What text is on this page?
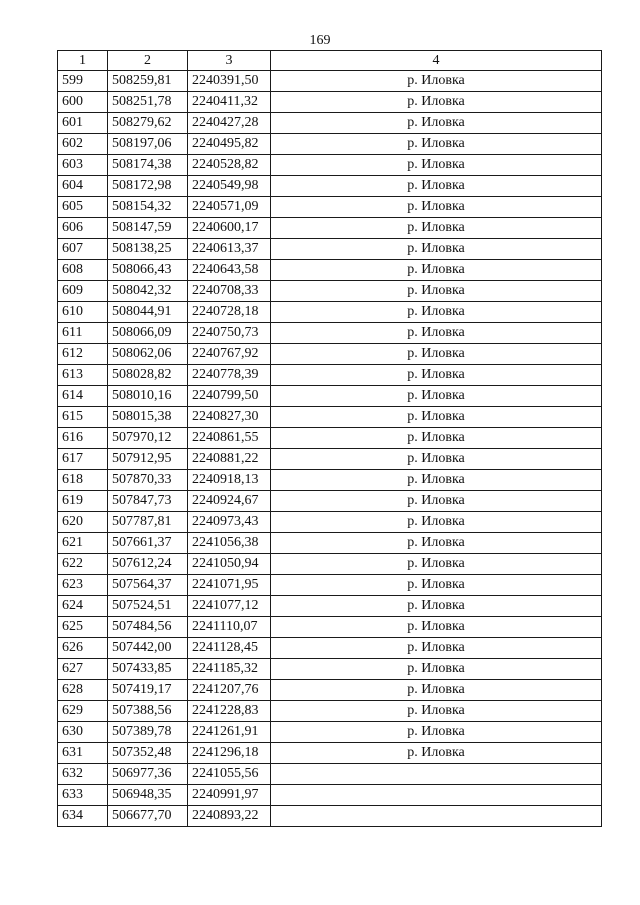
169
1	2	3	4
599	508259,81	2240391,50	р. Иловка
600	508251,78	2240411,32	р. Иловка
601	508279,62	2240427,28	р. Иловка
602	508197,06	2240495,82	р. Иловка
603	508174,38	2240528,82	р. Иловка
604	508172,98	2240549,98	р. Иловка
605	508154,32	2240571,09	р. Иловка
606	508147,59	2240600,17	р. Иловка
607	508138,25	2240613,37	р. Иловка
608	508066,43	2240643,58	р. Иловка
609	508042,32	2240708,33	р. Иловка
610	508044,91	2240728,18	р. Иловка
611	508066,09	2240750,73	р. Иловка
612	508062,06	2240767,92	р. Иловка
613	508028,82	2240778,39	р. Иловка
614	508010,16	2240799,50	р. Иловка
615	508015,38	2240827,30	р. Иловка
616	507970,12	2240861,55	р. Иловка
617	507912,95	2240881,22	р. Иловка
618	507870,33	2240918,13	р. Иловка
619	507847,73	2240924,67	р. Иловка
620	507787,81	2240973,43	р. Иловка
621	507661,37	2241056,38	р. Иловка
622	507612,24	2241050,94	р. Иловка
623	507564,37	2241071,95	р. Иловка
624	507524,51	2241077,12	р. Иловка
625	507484,56	2241110,07	р. Иловка
626	507442,00	2241128,45	р. Иловка
627	507433,85	2241185,32	р. Иловка
628	507419,17	2241207,76	р. Иловка
629	507388,56	2241228,83	р. Иловка
630	507389,78	2241261,91	р. Иловка
631	507352,48	2241296,18	р. Иловка
632	506977,36	2241055,56	
633	506948,35	2240991,97	
634	506677,70	2240893,22	
